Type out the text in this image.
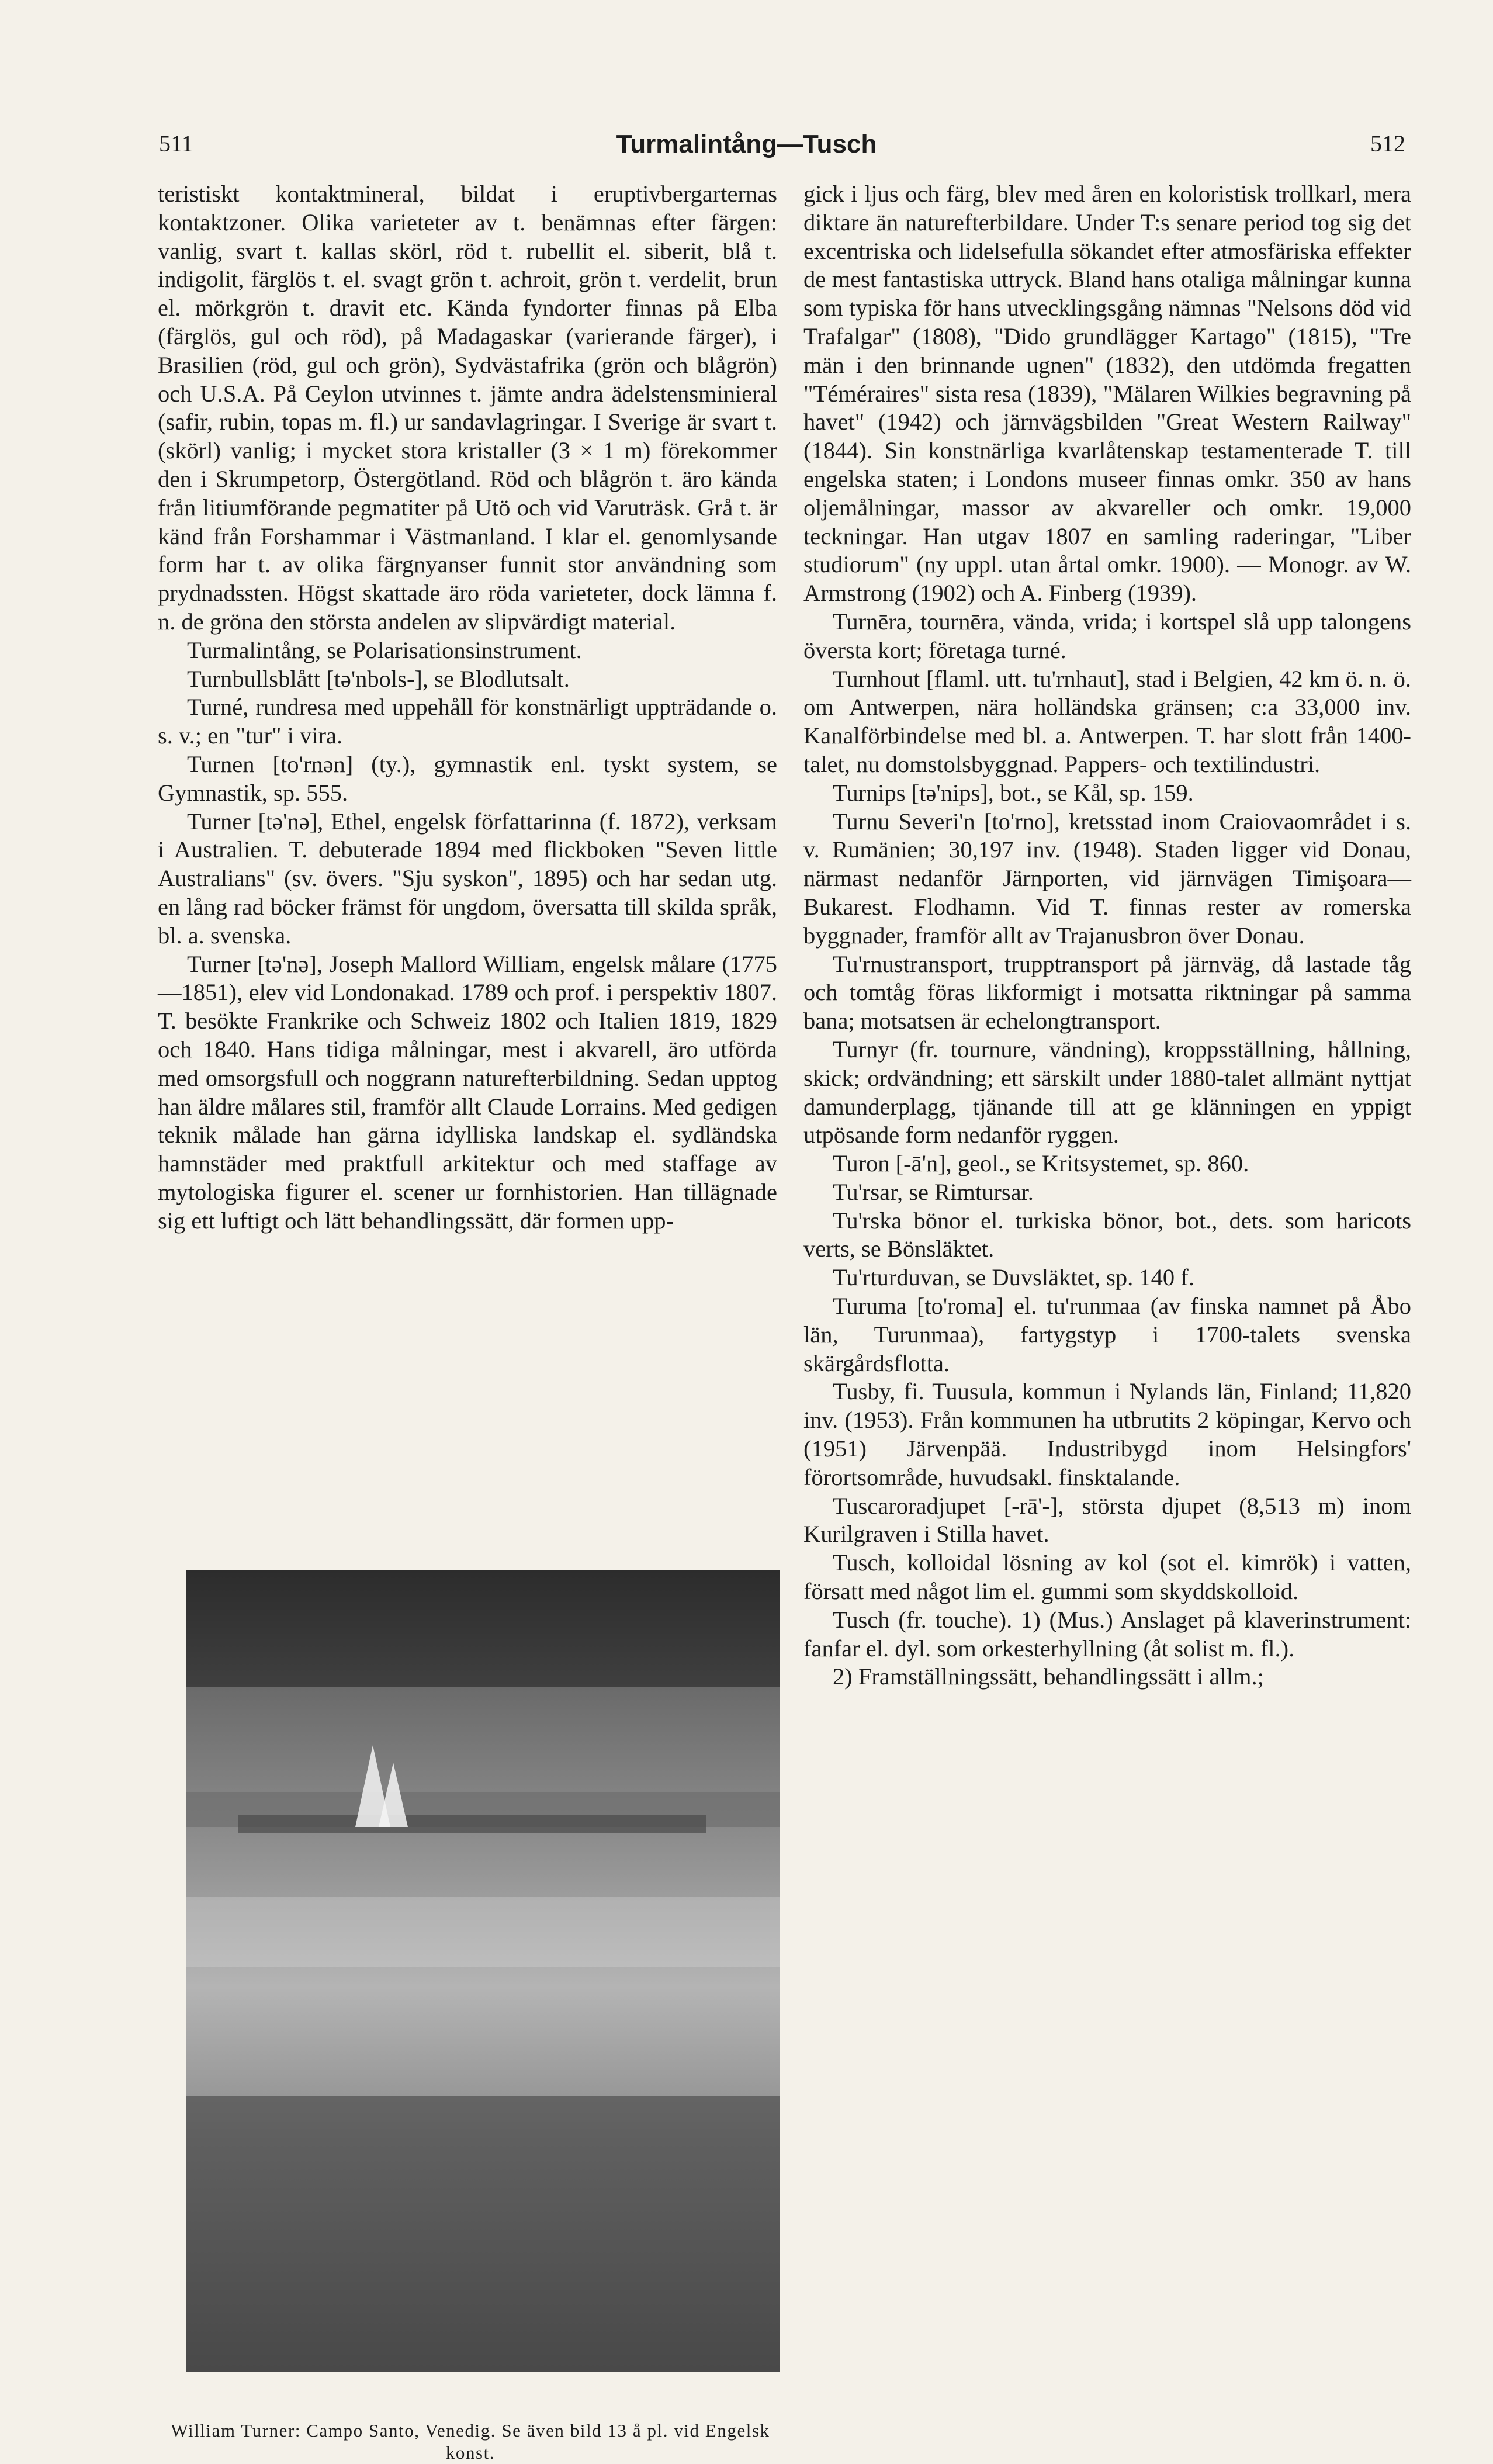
511	Turmalintång—Tusch	512

teristiskt kontaktmineral, bildat i eruptivbergarternas kontaktzoner. Olika varieteter av t. benämnas efter färgen: vanlig, svart t. kallas skörl, röd t. rubellit el. siberit, blå t. indigolit, färglös t. el. svagt grön t. achroit, grön t. verdelit, brun el. mörkgrön t. dravit etc. Kända fyndorter finnas på Elba (färglös, gul och röd), på Madagaskar (varierande färger), i Brasilien (röd, gul och grön), Sydvästafrika (grön och blågrön) och U.S.A. På Ceylon utvinnes t. jämte andra ädelstensminieral (safir, rubin, topas m. fl.) ur sandavlagringar. I Sverige är svart t. (skörl) vanlig; i mycket stora kristaller (3 × 1 m) förekommer den i Skrumpetorp, Östergötland. Röd och blågrön t. äro kända från litiumförande pegmatiter på Utö och vid Varuträsk. Grå t. är känd från Forshammar i Västmanland. I klar el. genomlysande form har t. av olika färgnyanser funnit stor användning som prydnadssten. Högst skattade äro röda varieteter, dock lämna f. n. de gröna den största andelen av slipvärdigt material.

Turmalintång, se Polarisationsinstrument.

Turnbullsblått [tə'nbols-], se Blodlutsalt.

Turné, rundresa med uppehåll för konstnärligt uppträdande o. s. v.; en "tur" i vira.

Turnen [to'rnən] (ty.), gymnastik enl. tyskt system, se Gymnastik, sp. 555.

Turner [tə'nə], Ethel, engelsk författarinna (f. 1872), verksam i Australien. T. debuterade 1894 med flickboken "Seven little Australians" (sv. övers. "Sju syskon", 1895) och har sedan utg. en lång rad böcker främst för ungdom, översatta till skilda språk, bl. a. svenska.

Turner [tə'nə], Joseph Mallord William, engelsk målare (1775—1851), elev vid Londonakad. 1789 och prof. i perspektiv 1807. T. besökte Frankrike och Schweiz 1802 och Italien 1819, 1829 och 1840. Hans tidiga målningar, mest i akvarell, äro utförda med omsorgsfull och noggrann naturefterbildning. Sedan upptog han äldre målares stil, framför allt Claude Lorrains. Med gedigen teknik målade han gärna idylliska landskap el. sydländska hamnstäder med praktfull arkitektur och med staffage av mytologiska figurer el. scener ur fornhistorien. Han tillägnade sig ett luftigt och lätt behandlingssätt, där formen upp-

gick i ljus och färg, blev med åren en koloristisk trollkarl, mera diktare än naturefterbildare. Under T:s senare period tog sig det excentriska och lidelsefulla sökandet efter atmosfäriska effekter de mest fantastiska uttryck. Bland hans otaliga målningar kunna som typiska för hans utvecklingsgång nämnas "Nelsons död vid Trafalgar" (1808), "Dido grundlägger Kartago" (1815), "Tre män i den brinnande ugnen" (1832), den utdömda fregatten "Téméraires" sista resa (1839), "Mälaren Wilkies begravning på havet" (1942) och järnvägsbilden "Great Western Railway" (1844). Sin konstnärliga kvarlåtenskap testamenterade T. till engelska staten; i Londons museer finnas omkr. 350 av hans oljemålningar, massor av akvareller och omkr. 19,000 teckningar. Han utgav 1807 en samling raderingar, "Liber studiorum" (ny uppl. utan årtal omkr. 1900). — Monogr. av W. Armstrong (1902) och A. Finberg (1939).

Turnēra, tournēra, vända, vrida; i kortspel slå upp talongens översta kort; företaga turné.

Turnhout [flaml. utt. tu'rnhaut], stad i Belgien, 42 km ö. n. ö. om Antwerpen, nära holländska gränsen; c:a 33,000 inv. Kanalförbindelse med bl. a. Antwerpen. T. har slott från 1400-talet, nu domstolsbyggnad. Pappers- och textilindustri.

Turnips [tə'nips], bot., se Kål, sp. 159.

Turnu Severi'n [to'rno], kretsstad inom Craiovaområdet i s. v. Rumänien; 30,197 inv. (1948). Staden ligger vid Donau, närmast nedanför Järnporten, vid järnvägen Timişoara—Bukarest. Flodhamn. Vid T. finnas rester av romerska byggnader, framför allt av Trajanusbron över Donau.

Tu'rnustransport, trupptransport på järnväg, då lastade tåg och tomtåg föras likformigt i motsatta riktningar på samma bana; motsatsen är echelongtransport.

Turnyr (fr. tournure, vändning), kroppsställning, hållning, skick; ordvändning; ett särskilt under 1880-talet allmänt nyttjat damunderplagg, tjänande till att ge klänningen en yppigt utpösande form nedanför ryggen.

Turon [-ā'n], geol., se Kritsystemet, sp. 860.

Tu'rsar, se Rimtursar.

Tu'rska bönor el. turkiska bönor, bot., dets. som haricots verts, se Bönsläktet.

Tu'rturduvan, se Duvsläktet, sp. 140 f.

Turuma [to'roma] el. tu'runmaa (av finska namnet på Åbo län, Turunmaa), fartygstyp i 1700-talets svenska skärgårdsflotta.

Tusby, fi. Tuusula, kommun i Nylands län, Finland; 11,820 inv. (1953). Från kommunen ha utbrutits 2 köpingar, Kervo och (1951) Järvenpää. Industribygd inom Helsingfors' förortsområde, huvudsakl. finsktalande.

Tuscaroradjupet [-rā'-], största djupet (8,513 m) inom Kurilgraven i Stilla havet.

Tusch, kolloidal lösning av kol (sot el. kimrök) i vatten, försatt med något lim el. gummi som skyddskolloid.

Tusch (fr. touche). 1) (Mus.) Anslaget på klaverinstrument: fanfar el. dyl. som orkesterhyllning (åt solist m. fl.).

2) Framställningssätt, behandlingssätt i allm.;

William Turner: Campo Santo, Venedig. Se även bild 13 å pl. vid Engelsk konst.
